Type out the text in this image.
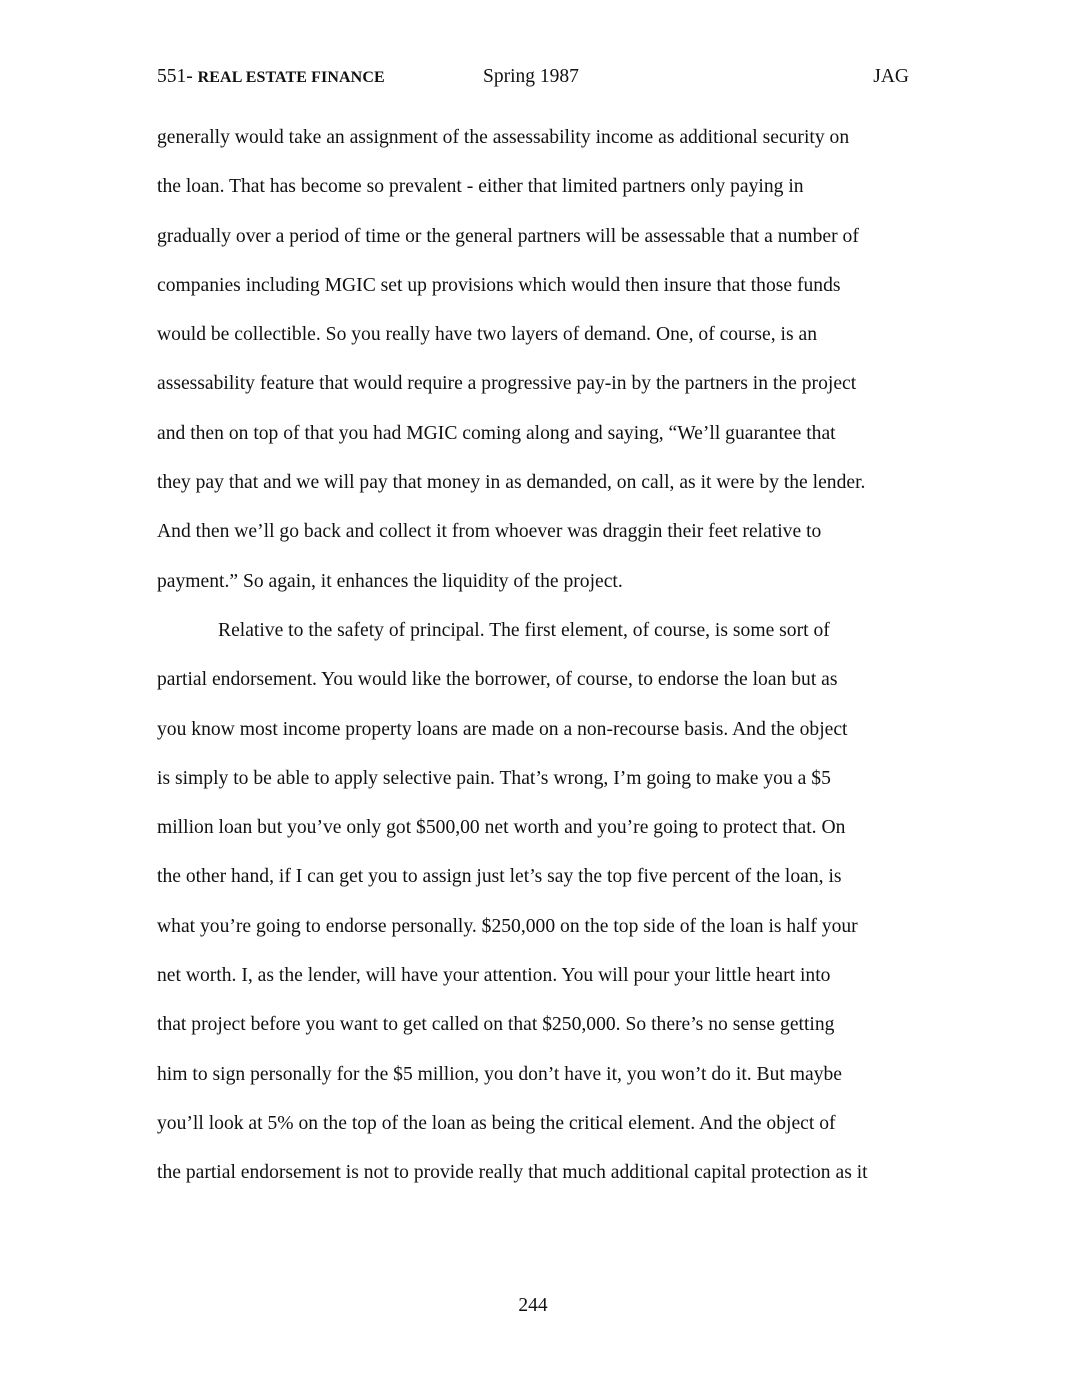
551- REAL ESTATE FINANCE	Spring 1987	JAG
generally would take an assignment of the assessability income as additional security on
the loan. That has become so prevalent - either that limited partners only paying in
gradually over a period of time or the general partners will be assessable that a number of
companies including MGIC set up provisions which would then insure that those funds
would be collectible. So you really have two layers of demand. One, of course, is an
assessability feature that would require a progressive pay-in by the partners in the project
and then on top of that you had MGIC coming along and saying, “We’ll guarantee that
they pay that and we will pay that money in as demanded, on call, as it were by the lender.
And then we’ll go back and collect it from whoever was draggin their feet relative to
payment.” So again, it enhances the liquidity of the project.
Relative to the safety of principal. The first element, of course, is some sort of
partial endorsement. You would like the borrower, of course, to endorse the loan but as
you know most income property loans are made on a non-recourse basis. And the object
is simply to be able to apply selective pain. That’s wrong, I’m going to make you a $5
million loan but you’ve only got $500,00 net worth and you’re going to protect that. On
the other hand, if I can get you to assign just let’s say the top five percent of the loan, is
what you’re going to endorse personally. $250,000 on the top side of the loan is half your
net worth. I, as the lender, will have your attention. You will pour your little heart into
that project before you want to get called on that $250,000. So there’s no sense getting
him to sign personally for the $5 million, you don’t have it, you won’t do it. But maybe
you’ll look at 5% on the top of the loan as being the critical element. And the object of
the partial endorsement is not to provide really that much additional capital protection as it
244
